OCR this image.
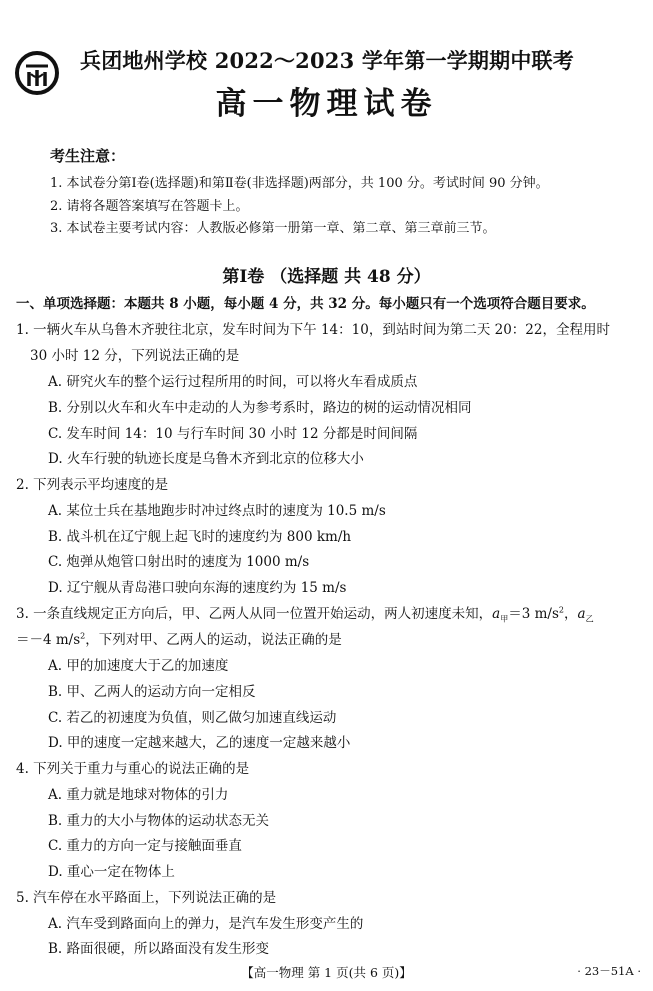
兵团地州学校 2022～2023 学年第一学期期中联考
高一物理试卷
考生注意：
1. 本试卷分第Ⅰ卷(选择题)和第Ⅱ卷(非选择题)两部分，共 100 分。考试时间 90 分钟。
2. 请将各题答案填写在答题卡上。
3. 本试卷主要考试内容：人教版必修第一册第一章、第二章、第三章前三节。
第Ⅰ卷 （选择题 共 48 分）
一、单项选择题：本题共 8 小题，每小题 4 分，共 32 分。每小题只有一个选项符合题目要求。
1. 一辆火车从乌鲁木齐驶往北京，发车时间为下午 14：10，到站时间为第二天 20：22，全程用时
30 小时 12 分，下列说法正确的是
A. 研究火车的整个运行过程所用的时间，可以将火车看成质点
B. 分别以火车和火车中走动的人为参考系时，路边的树的运动情况相同
C. 发车时间 14：10 与行车时间 30 小时 12 分都是时间间隔
D. 火车行驶的轨迹长度是乌鲁木齐到北京的位移大小
2. 下列表示平均速度的是
A. 某位士兵在基地跑步时冲过终点时的速度为 10.5 m/s
B. 战斗机在辽宁舰上起飞时的速度约为 800 km/h
C. 炮弹从炮管口射出时的速度为 1000 m/s
D. 辽宁舰从青岛港口驶向东海的速度约为 15 m/s
3. 一条直线规定正方向后，甲、乙两人从同一位置开始运动，两人初速度未知，$a_甲=3$ $m/s^2$，$a_乙$
＝－4 $m/s^2$，下列对甲、乙两人的运动，说法正确的是
A. 甲的加速度大于乙的加速度
B. 甲、乙两人的运动方向一定相反
C. 若乙的初速度为负值，则乙做匀加速直线运动
D. 甲的速度一定越来越大，乙的速度一定越来越小
4. 下列关于重力与重心的说法正确的是
A. 重力就是地球对物体的引力
B. 重力的大小与物体的运动状态无关
C. 重力的方向一定与接触面垂直
D. 重心一定在物体上
5. 汽车停在水平路面上，下列说法正确的是
A. 汽车受到路面向上的弹力，是汽车发生形变产生的
B. 路面很硬，所以路面没有发生形变
【高一物理 第 1 页(共 6 页)】	· 23－51A ·
